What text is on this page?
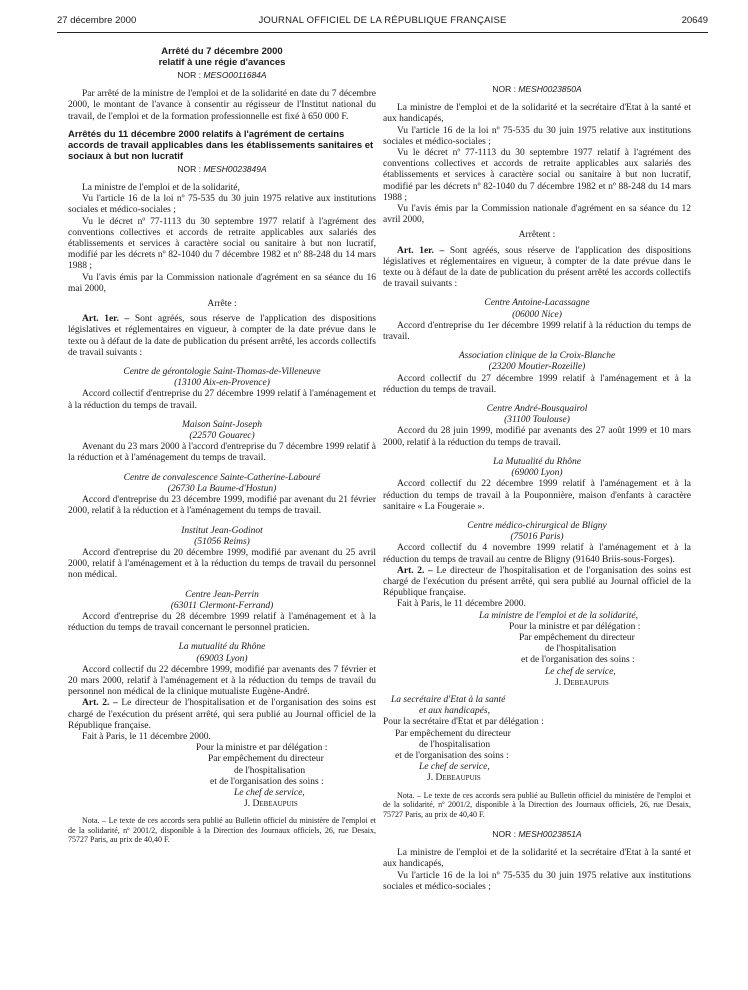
27 décembre 2000	JOURNAL OFFICIEL DE LA RÉPUBLIQUE FRANÇAISE	20649

Arrêté du 7 décembre 2000

relatif à une régie d'avances

NOR : MESO0011684A

Par arrêté de la ministre de l'emploi et de la solidarité en date du 7 décembre 2000, le montant de l'avance à consentir au régisseur de l'Institut national du travail, de l'emploi et de la formation professionnelle est fixé à 650 000 F.

Arrêtés du 11 décembre 2000 relatifs à l'agrément de certains accords de travail applicables dans les établissements sanitaires et sociaux à but non lucratif

NOR : MESH0023849A

La ministre de l'emploi et de la solidarité,

Vu l'article 16 de la loi nº 75-535 du 30 juin 1975 relative aux institutions sociales et médico-sociales ;

Vu le décret nº 77-1113 du 30 septembre 1977 relatif à l'agrément des conventions collectives et accords de retraite applicables aux salariés des établissements et services à caractère social ou sanitaire à but non lucratif, modifié par les décrets nº 82-1040 du 7 décembre 1982 et nº 88-248 du 14 mars 1988 ;

Vu l'avis émis par la Commission nationale d'agrément en sa séance du 16 mai 2000,

Arrête :

Art. 1er. – Sont agréés, sous réserve de l'application des dispositions législatives et réglementaires en vigueur, à compter de la date prévue dans le texte ou à défaut de la date de publication du présent arrêté, les accords collectifs de travail suivants :

Centre de gérontologie Saint-Thomas-de-Villeneuve

(13100 Aix-en-Provence)

Accord collectif d'entreprise du 27 décembre 1999 relatif à l'aménagement et à la réduction du temps de travail.

Maison Saint-Joseph

(22570 Gouarec)

Avenant du 23 mars 2000 à l'accord d'entreprise du 7 décembre 1999 relatif à la réduction et à l'aménagement du temps de travail.

Centre de convalescence Sainte-Catherine-Labouré

(26730 La Baume-d'Hostun)

Accord d'entreprise du 23 décembre 1999, modifié par avenant du 21 février 2000, relatif à la réduction et à l'aménagement du temps de travail.

Institut Jean-Godinot

(51056 Reims)

Accord d'entreprise du 20 décembre 1999, modifié par avenant du 25 avril 2000, relatif à l'aménagement et à la réduction du temps de travail du personnel non médical.

Centre Jean-Perrin

(63011 Clermont-Ferrand)

Accord d'entreprise du 28 décembre 1999 relatif à l'aménagement et à la réduction du temps de travail concernant le personnel praticien.

La mutualité du Rhône

(69003 Lyon)

Accord collectif du 22 décembre 1999, modifié par avenants des 7 février et 20 mars 2000, relatif à l'aménagement et à la réduction du temps de travail du personnel non médical de la clinique mutualiste Eugène-André.

Art. 2. – Le directeur de l'hospitalisation et de l'organisation des soins est chargé de l'exécution du présent arrêté, qui sera publié au Journal officiel de la République française.

Fait à Paris, le 11 décembre 2000.

Pour la ministre et par délégation :

Par empêchement du directeur

de l'hospitalisation

et de l'organisation des soins :

Le chef de service,

J. Debeaupuis

Nota. – Le texte de ces accords sera publié au Bulletin officiel du ministère de l'emploi et de la solidarité, nº 2001/2, disponible à la Direction des Journaux officiels, 26, rue Desaix, 75727 Paris, au prix de 40,40 F.

NOR : MESH0023850A

La ministre de l'emploi et de la solidarité et la secrétaire d'Etat à la santé et aux handicapés,

Vu l'article 16 de la loi nº 75-535 du 30 juin 1975 relative aux institutions sociales et médico-sociales ;

Vu le décret nº 77-1113 du 30 septembre 1977 relatif à l'agrément des conventions collectives et accords de retraite applicables aux salariés des établissements et services à caractère social ou sanitaire à but non lucratif, modifié par les décrets nº 82-1040 du 7 décembre 1982 et nº 88-248 du 14 mars 1988 ;

Vu l'avis émis par la Commission nationale d'agrément en sa séance du 12 avril 2000,

Arrêtent :

Art. 1er. – Sont agréés, sous réserve de l'application des dispositions législatives et réglementaires en vigueur, à compter de la date prévue dans le texte ou à défaut de la date de publication du présent arrêté les accords collectifs de travail suivants :

Centre Antoine-Lacassagne

(06000 Nice)

Accord d'entreprise du 1er décembre 1999 relatif à la réduction du temps de travail.

Association clinique de la Croix-Blanche

(23200 Moutier-Rozeille)

Accord collectif du 27 décembre 1999 relatif à l'aménagement et à la réduction du temps de travail.

Centre André-Bousquairol

(31100 Toulouse)

Accord du 28 juin 1999, modifié par avenants des 27 août 1999 et 10 mars 2000, relatif à la réduction du temps de travail.

La Mutualité du Rhône

(69000 Lyon)

Accord collectif du 22 décembre 1999 relatif à l'aménagement et à la réduction du temps de travail à la Pouponnière, maison d'enfants à caractère sanitaire « La Fougeraie ».

Centre médico-chirurgical de Bligny

(75016 Paris)

Accord collectif du 4 novembre 1999 relatif à l'aménagement et à la réduction du temps de travail au centre de Bligny (91640 Briis-sous-Forges).

Art. 2. – Le directeur de l'hospitalisation et de l'organisation des soins est chargé de l'exécution du présent arrêté, qui sera publié au Journal officiel de la République française.

Fait à Paris, le 11 décembre 2000.

La ministre de l'emploi et de la solidarité,

Pour la ministre et par délégation :

Par empêchement du directeur

de l'hospitalisation

et de l'organisation des soins :

Le chef de service,

J. Debeaupuis

La secrétaire d'Etat à la santé

et aux handicapés,

Pour la secrétaire d'Etat et par délégation :

Par empêchement du directeur

de l'hospitalisation

et de l'organisation des soins :

Le chef de service,

J. Debeaupuis

Nota. – Le texte de ces accords sera publié au Bulletin officiel du ministère de l'emploi et de la solidarité, nº 2001/2, disponible à la Direction des Journaux officiels, 26, rue Desaix, 75727 Paris, au prix de 40,40 F.

NOR : MESH0023851A

La ministre de l'emploi et de la solidarité et la secrétaire d'Etat à la santé et aux handicapés,

Vu l'article 16 de la loi nº 75-535 du 30 juin 1975 relative aux institutions sociales et médico-sociales ;
